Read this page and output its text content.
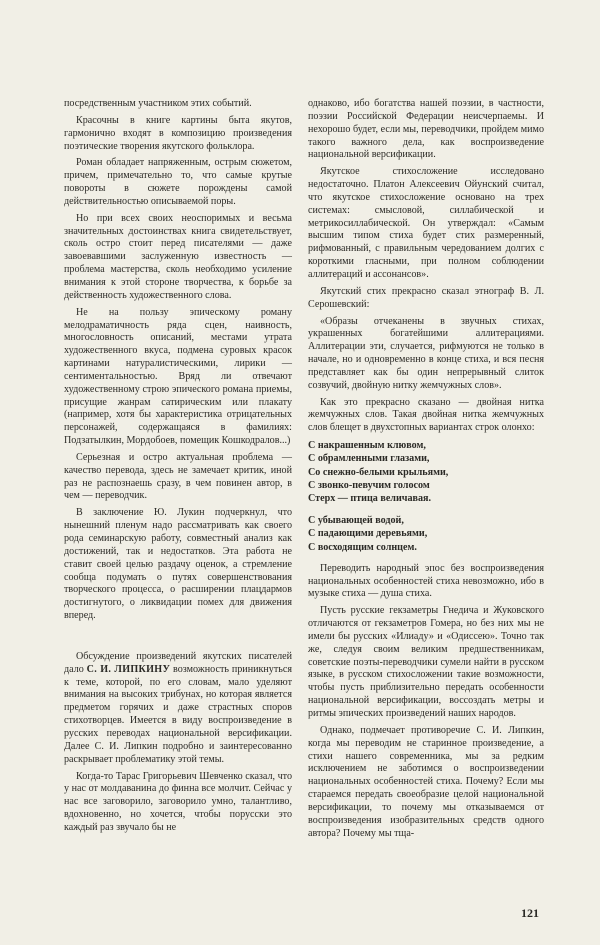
посредственным участником этих событий.

Красочны в книге картины быта якутов, гармонично входят в композицию произведения поэтические творения якутского фольклора.

Роман обладает напряженным, острым сюжетом, причем, примечательно то, что самые крутые повороты в сюжете порождены самой действительностью описываемой поры.

Но при всех своих неоспоримых и весьма значительных достоинствах книга свидетельствует, сколь остро стоит перед писателями — даже завоевавшими заслуженную известность — проблема мастерства, сколь необходимо усиление внимания к этой стороне творчества, к борьбе за действенность художественного слова.

Не на пользу эпическому роману мелодраматичность ряда сцен, наивность, многословность описаний, местами утрата художественного вкуса, подмена суровых красок картинами натуралистическими, лирики — сентиментальностью. Вряд ли отвечают художественному строю эпического романа приемы, присущие жанрам сатирическим или плакату (например, хотя бы характеристика отрицательных персонажей, содержащаяся в фамилиях: Подзатылкин, Мордобоев, помещик Кошкодралов...)

Серьезная и остро актуальная проблема — качество перевода, здесь не замечает критик, иной раз не распознаешь сразу, в чем повинен автор, в чем — переводчик.

В заключение Ю. Лукин подчеркнул, что нынешний пленум надо рассматривать как своего рода семинарскую работу, совместный анализ как достижений, так и недостатков. Эта работа не ставит своей целью раздачу оценок, а стремление сообща подумать о путях совершенствования творческого процесса, о расширении плацдармов достигнутого, о ликвидации помех для движения вперед.

Обсуждение произведений якутских писателей дало С. И. ЛИПКИНУ возможность приникнуться к теме, которой, по его словам, мало уделяют внимания на высоких трибунах, но которая является предметом горячих и даже страстных споров стихотворцев. Имеется в виду воспроизведение в русских переводах национальной версификации. Далее С. И. Липкин подробно и заинтересованно раскрывает проблематику этой темы.

Когда-то Тарас Григорьевич Шевченко сказал, что у нас от молдаванина до финна все молчит. Сейчас у нас все заговорило, заговорило умно, талантливо, вдохновенно, но хочется, чтобы порусски это каждый раз звучало бы не

однаково, ибо богатства нашей поэзии, в частности, поэзии Российской Федерации неисчерпаемы. И нехорошо будет, если мы, переводчики, пройдем мимо такого важного дела, как воспроизведение национальной версификации.

Якутское стихосложение исследовано недостаточно. Платон Алексеевич Ойунский считал, что якутское стихосложение основано на трех системах: смысловой, силлабической и метрикосиллабической. Он утверждал: «Самым высшим типом стиха будет стих размеренный, рифмованный, с правильным чередованием долгих с короткими гласными, при полном соблюдении аллитераций и ассонансов».

Якутский стих прекрасно сказал этнограф В. Л. Серошевский:

«Образы отчеканены в звучных стихах, украшенных богатейшими аллитерациями. Аллитерации эти, случается, рифмуются не только в начале, но и одновременно в конце стиха, и вся песня представляет как бы один непрерывный слиток созвучий, двойную нитку жемчужных слов».

Как это прекрасно сказано — двойная нитка жемчужных слов. Такая двойная нитка жемчужных слов блещет в двухстопных вариантах строк олонхо:

С накрашенным клювом,
С обрамленными глазами,
Со снежно-белыми крыльями,
С звонко-певучим голосом
Стерх — птица величавая.
С убывающей водой,
С падающими деревьями,
С восходящим солнцем.

Переводить народный эпос без воспроизведения национальных особенностей стиха невозможно, ибо в музыке стиха — душа стиха.

Пусть русские гекзаметры Гнедича и Жуковского отличаются от гекзаметров Гомера, но без них мы не имели бы русских «Илиаду» и «Одиссею». Точно так же, следуя своим великим предшественникам, советские поэты-переводчики сумели найти в русском языке, в русском стихосложении такие возможности, чтобы пусть приблизительно передать особенности национальной версификации, воссоздать метры и ритмы эпических произведений наших народов.

Однако, подмечает противоречие С. И. Липкин, когда мы переводим не старинное произведение, а стихи нашего современника, мы за редким исключением не заботимся о воспроизведении национальных особенностей стиха. Почему? Если мы стараемся передать своеобразие целой национальной версификации, то почему мы отказываемся от воспроизведения изобразительных средств одного автора? Почему мы тща-

121
